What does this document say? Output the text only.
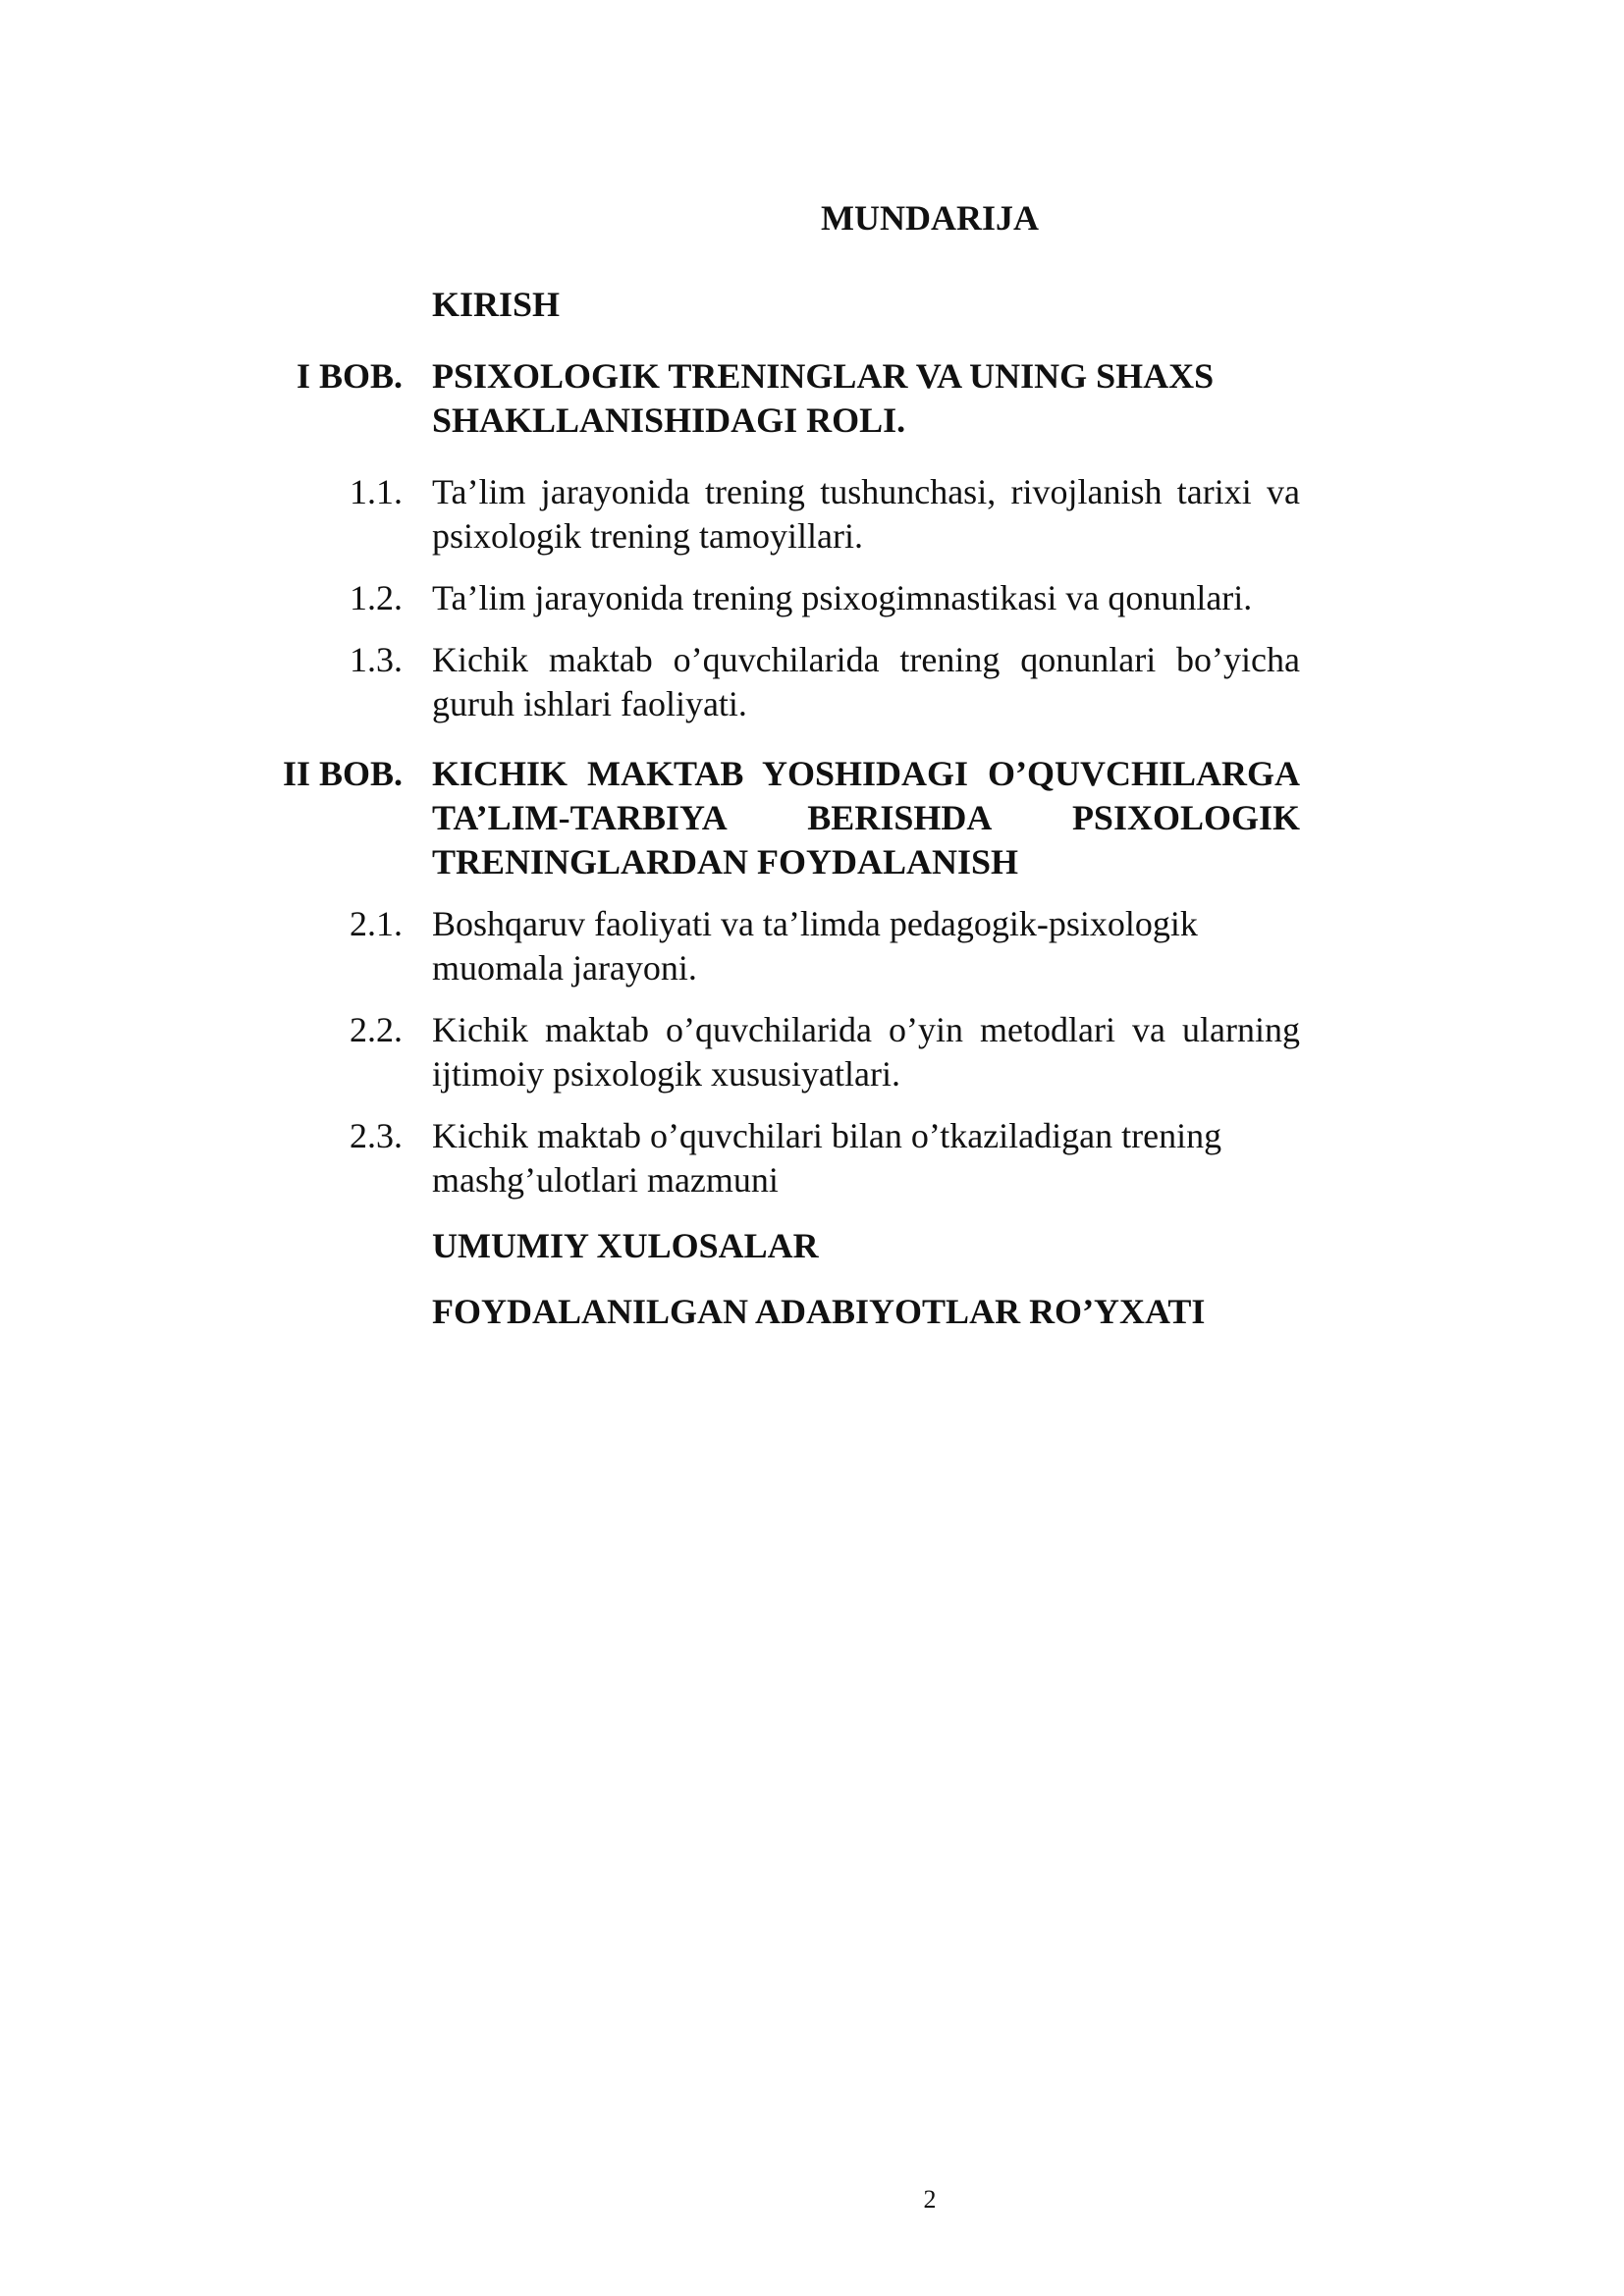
MUNDARIJA
KIRISH
I BOB. PSIXOLOGIK TRENINGLAR VA UNING SHAXS SHAKLLANISHIDAGI ROLI.
1.1. Ta’lim jarayonida trening tushunchasi, rivojlanish tarixi va psixologik trening tamoyillari.
1.2. Ta’lim jarayonida trening psixogimnastikasi va qonunlari.
1.3. Kichik maktab o’quvchilarida trening qonunlari bo’yicha guruh ishlari faoliyati.
II BOB. KICHIK MAKTAB YOSHIDAGI O’QUVCHILARGA TA’LIM-TARBIYA BERISHDA PSIXOLOGIK TRENINGLARDAN FOYDALANISH
2.1. Boshqaruv faoliyati va ta’limda pedagogik-psixologik muomala jarayoni.
2.2. Kichik maktab o’quvchilarida o’yin metodlari va ularning ijtimoiy psixologik xususiyatlari.
2.3. Kichik maktab o’quvchilari bilan o’tkaziladigan trening mashg’ulotlari mazmuni
UMUMIY XULOSALAR
FOYDALANILGAN ADABIYOTLAR RO’YXATI
2
